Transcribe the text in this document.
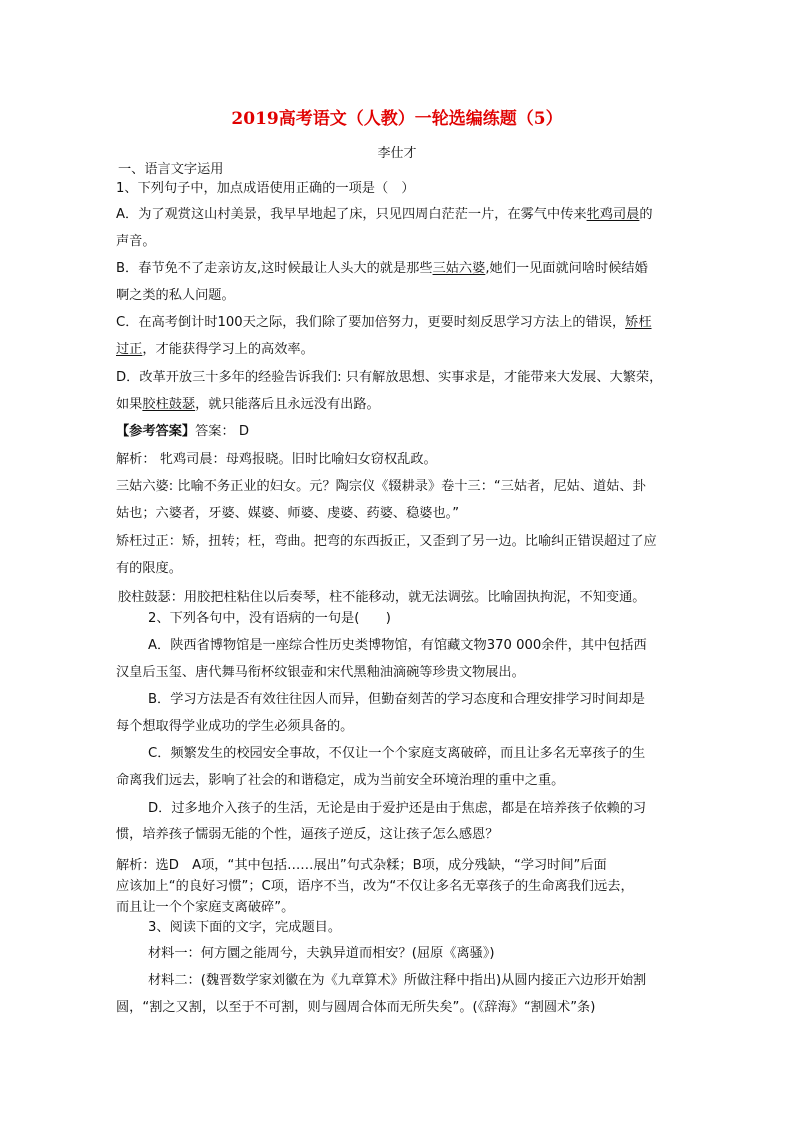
2019高考语文（人教）一轮选编练题（5）
李仕才
一、语言文字运用
1、下列句子中，加点成语使用正确的一项是（　）
A．为了观赏这山村美景，我早早地起了床，只见四周白茫茫一片，在雾气中传来牝鸡司晨的
声音。
B．春节免不了走亲访友,这时候最让人头大的就是那些三姑六婆,她们一见面就问啥时候结婚
啊之类的私人问题。
C．在高考倒计时100天之际，我们除了要加倍努力，更要时刻反思学习方法上的错误，矫枉
过正，才能获得学习上的高效率。
D．改革开放三十多年的经验告诉我们: 只有解放思想、实事求是，才能带来大发展、大繁荣，
如果胶柱鼓瑟，就只能落后且永远没有出路。
【参考答案】答案： D
解析： 牝鸡司晨：母鸡报晓。旧时比喻妇女窃权乱政。
三姑六婆: 比喻不务正业的妇女。元？陶宗仪《辍耕录》卷十三：“三姑者，尼姑、道姑、卦
姑也；六婆者，牙婆、媒婆、师婆、虔婆、药婆、稳婆也。”
矫枉过正：矫，扭转；枉，弯曲。把弯的东西扳正，又歪到了另一边。比喻纠正错误超过了应
有的限度。
胶柱鼓瑟：用胶把柱粘住以后奏琴，柱不能移动，就无法调弦。比喻固执拘泥，不知变通。
2、下列各句中，没有语病的一句是(　　)
A．陕西省博物馆是一座综合性历史类博物馆，有馆藏文物370 000余件，其中包括西
汉皇后玉玺、唐代舞马衔杯纹银壶和宋代黑釉油滴碗等珍贵文物展出。
B．学习方法是否有效往往因人而异，但勤奋刻苦的学习态度和合理安排学习时间却是
每个想取得学业成功的学生必须具备的。
C．频繁发生的校园安全事故，不仅让一个个家庭支离破碎，而且让多名无辜孩子的生
命离我们远去，影响了社会的和谐稳定，成为当前安全环境治理的重中之重。
D．过多地介入孩子的生活，无论是由于爱护还是由于焦虑，都是在培养孩子依赖的习
惯，培养孩子懦弱无能的个性，逼孩子逆反，这让孩子怎么感恩？
解析：选D　A项，“其中包括……展出”句式杂糅；B项，成分残缺，“学习时间”后面
应该加上“的良好习惯”；C项，语序不当，改为“不仅让多名无辜孩子的生命离我们远去，
而且让一个个家庭支离破碎”。
3、阅读下面的文字，完成题目。
材料一：何方圜之能周兮，夫孰异道而相安？(屈原《离骚》)
材料二：(魏晋数学家刘徽在为《九章算术》所做注释中指出)从圆内接正六边形开始割
圆，“割之又割，以至于不可割，则与圆周合体而无所失矣”。(《辞海》“割圆术”条)
